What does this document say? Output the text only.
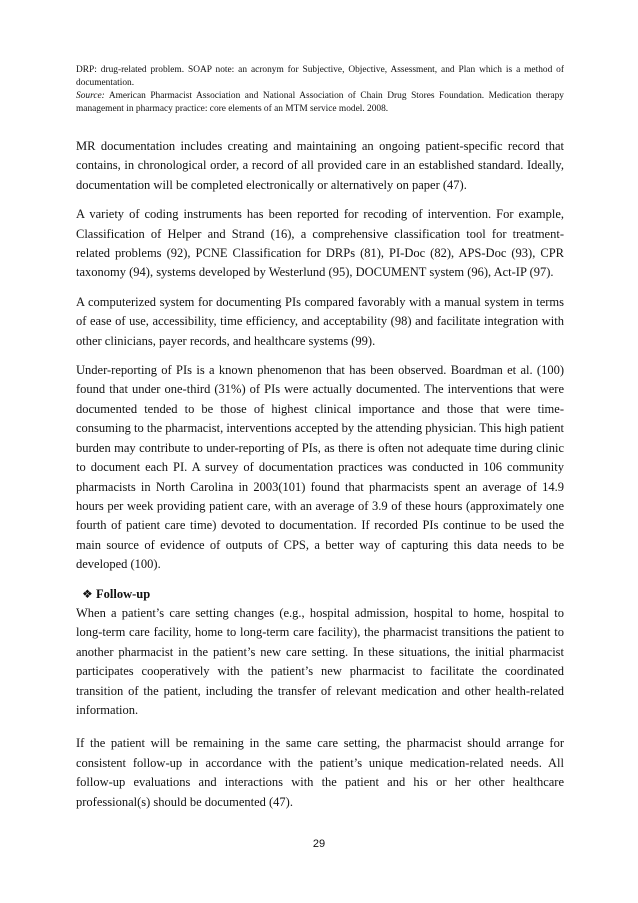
DRP: drug-related problem. SOAP note: an acronym for Subjective, Objective, Assessment, and Plan which is a method of documentation.

Source: American Pharmacist Association and National Association of Chain Drug Stores Foundation. Medication therapy management in pharmacy practice: core elements of an MTM service model. 2008.

MR documentation includes creating and maintaining an ongoing patient-specific record that contains, in chronological order, a record of all provided care in an established standard. Ideally, documentation will be completed electronically or alternatively on paper (47).

A variety of coding instruments has been reported for recoding of intervention. For example, Classification of Helper and Strand (16), a comprehensive classification tool for treatment-related problems (92), PCNE Classification for DRPs (81), PI-Doc (82), APS-Doc (93), CPR taxonomy (94), systems developed by Westerlund (95), DOCUMENT system (96), Act-IP (97).

A computerized system for documenting PIs compared favorably with a manual system in terms of ease of use, accessibility, time efficiency, and acceptability (98) and facilitate integration with other clinicians, payer records, and healthcare systems (99).

Under-reporting of PIs is a known phenomenon that has been observed. Boardman et al. (100) found that under one-third (31%) of PIs were actually documented. The interventions that were documented tended to be those of highest clinical importance and those that were time-consuming to the pharmacist, interventions accepted by the attending physician. This high patient burden may contribute to under-reporting of PIs, as there is often not adequate time during clinic to document each PI. A survey of documentation practices was conducted in 106 community pharmacists in North Carolina in 2003(101) found that pharmacists spent an average of 14.9 hours per week providing patient care, with an average of 3.9 of these hours (approximately one fourth of patient care time) devoted to documentation. If recorded PIs continue to be used the main source of evidence of outputs of CPS, a better way of capturing this data needs to be developed (100).

❖ Follow-up

When a patient’s care setting changes (e.g., hospital admission, hospital to home, hospital to long-term care facility, home to long-term care facility), the pharmacist transitions the patient to another pharmacist in the patient’s new care setting. In these situations, the initial pharmacist participates cooperatively with the patient’s new pharmacist to facilitate the coordinated transition of the patient, including the transfer of relevant medication and other health-related information.

If the patient will be remaining in the same care setting, the pharmacist should arrange for consistent follow-up in accordance with the patient’s unique medication-related needs. All follow-up evaluations and interactions with the patient and his or her other healthcare professional(s) should be documented (47).

29
